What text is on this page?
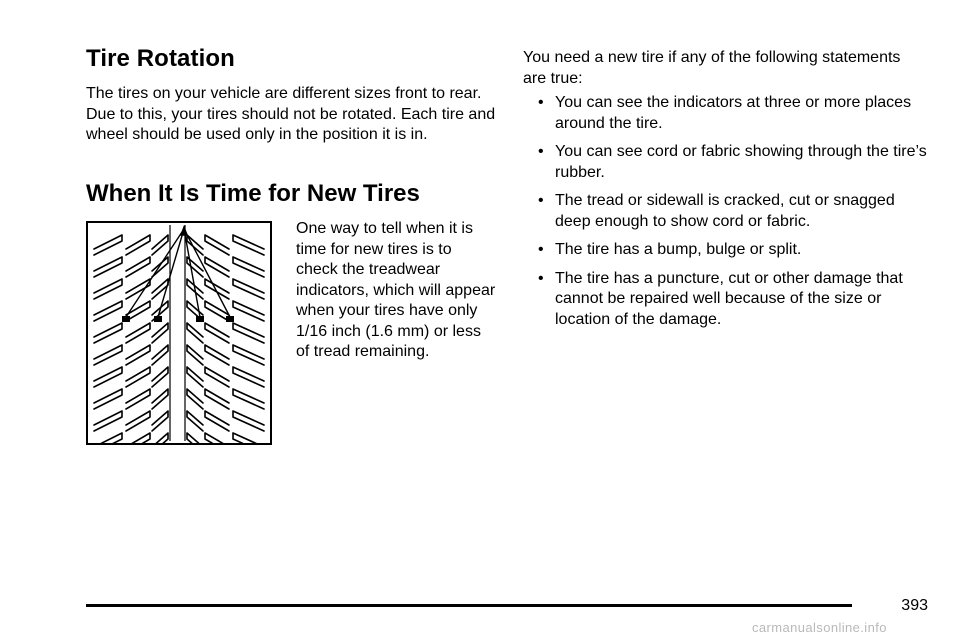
Tire Rotation

The tires on your vehicle are different sizes front to rear. Due to this, your tires should not be rotated. Each tire and wheel should be used only in the position it is in.

When It Is Time for New Tires

One way to tell when it is time for new tires is to check the treadwear indicators, which will appear when your tires have only 1/16 inch (1.6 mm) or less of tread remaining.

You need a new tire if any of the following statements are true:

• You can see the indicators at three or more places around the tire.
• You can see cord or fabric showing through the tire’s rubber.
• The tread or sidewall is cracked, cut or snagged deep enough to show cord or fabric.
• The tire has a bump, bulge or split.
• The tire has a puncture, cut or other damage that cannot be repaired well because of the size or location of the damage.
393
carmanualsonline.info
